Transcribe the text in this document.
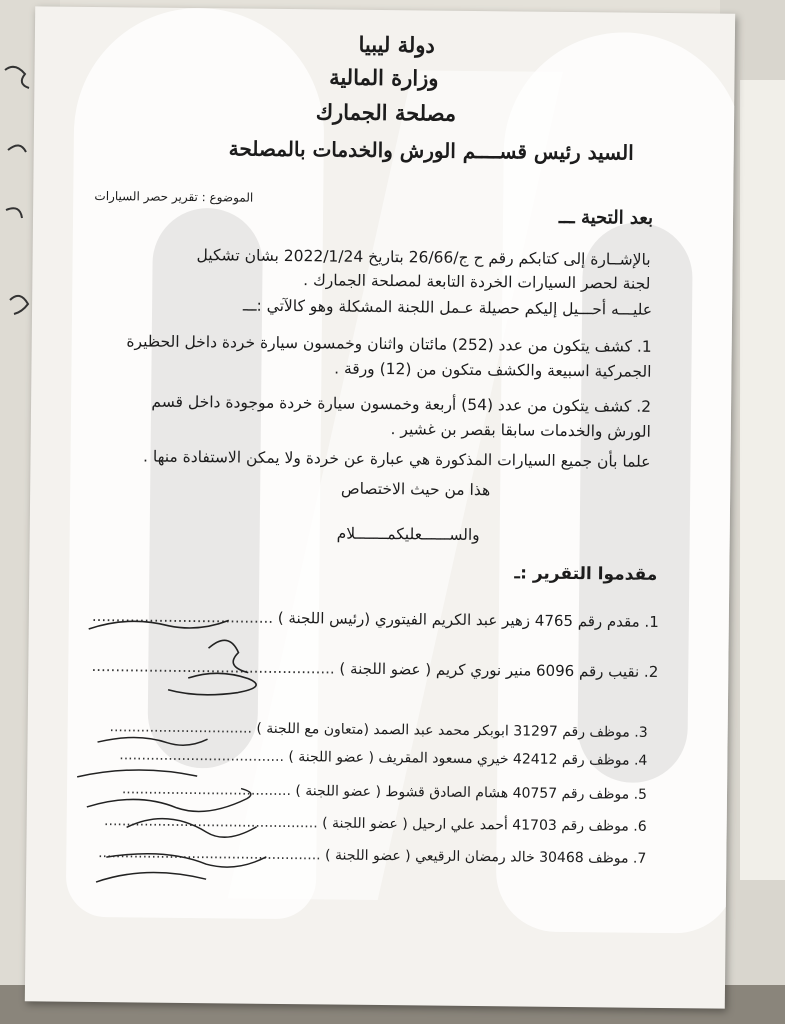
دولة ليبيا
وزارة المالية
مصلحة الجمارك
السيد رئيس قســــم الورش والخدمات بالمصلحة
الموضوع : تقرير حصر السيارات
بعد التحية ـــ
بالإشــارة إلى كتابكم رقم ح ج/26/66 بتاريخ 2022/1/24 بشان تشكيل
لجنة لحصر السيارات الخردة التابعة لمصلحة الجمارك .
عليـــه أحـــيل إليكم حصيلة عـمل اللجنة المشكلة وهو كالآتي :ـــ
1. كشف يتكون من عدد (252) مائتان واثنان وخمسون سيارة خردة داخل الحظيرة
الجمركية اسبيعة والكشف متكون من (12) ورقة .
2. كشف يتكون من عدد (54) أربعة وخمسون سيارة خردة موجودة داخل قسم
الورش والخدمات سابقا بقصر بن غشير .
علما بأن جميع السيارات المذكورة هي عبارة عن خردة ولا يمكن الاستفادة منها .
هذا من حيث الاختصاص
والســــــعليكمـــــــلام
مقدموا التقرير :ـ
1. مقدم رقم 4765 زهير عبد الكريم الفيتوري (رئيس اللجنة ) ......................................
2. نقيب رقم 6096 منير نوري كريم ( عضو اللجنة ) ...................................................
3. موظف رقم 31297 ابوبكر محمد عبد الصمد (متعاون مع اللجنة ) ................................
4. موظف رقم 42412 خيري مسعود المقريف ( عضو اللجنة ) .....................................
5. موظف رقم 40757 هشام الصادق قشوط ( عضو اللجنة ) ......................................
6. موظف رقم 41703 أحمد علي ارحيل ( عضو اللجنة ) ................................................
7. موظف 30468 خالد رمضان الرقيعي ( عضو اللجنة ) ..................................................
